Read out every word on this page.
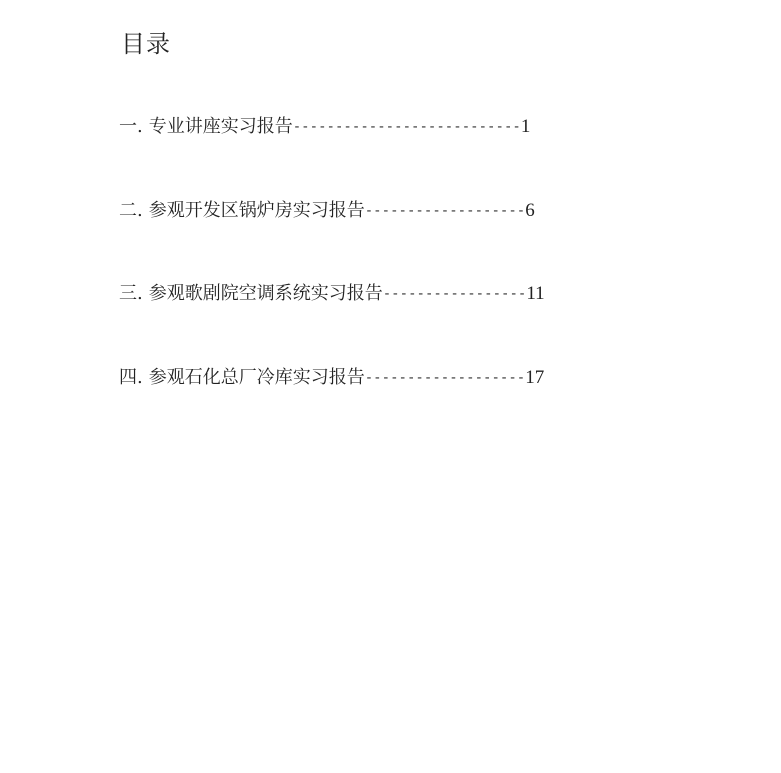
目录
一. 专业讲座实习报告---------------------------1
二. 参观开发区锅炉房实习报告-------------------6
三. 参观歌剧院空调系统实习报告-----------------11
四. 参观石化总厂冷库实习报告-------------------17
